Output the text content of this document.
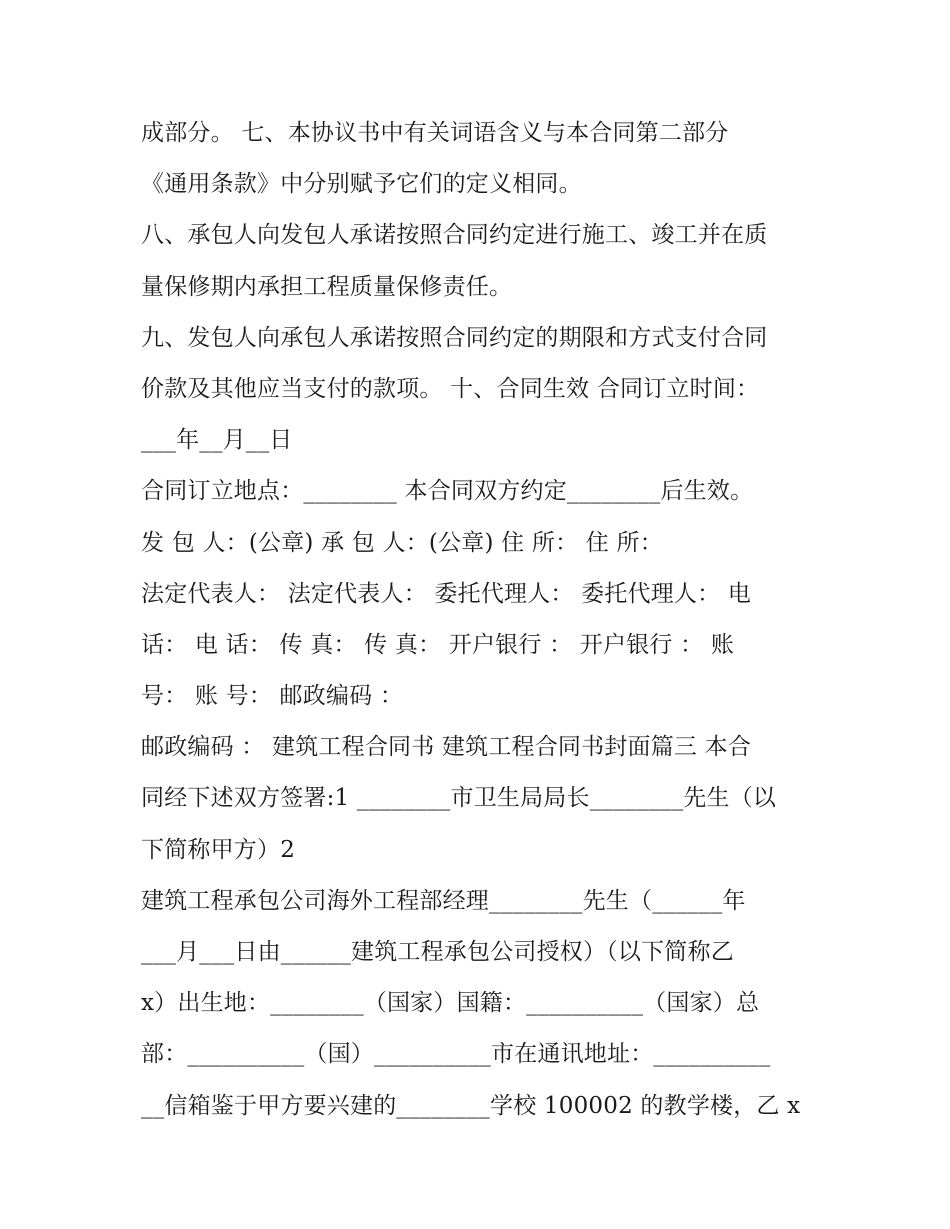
成部分。 七、本协议书中有关词语含义与本合同第二部分
《通用条款》中分别赋予它们的定义相同。
八、承包人向发包人承诺按照合同约定进行施工、竣工并在质
量保修期内承担工程质量保修责任。
九、发包人向承包人承诺按照合同约定的期限和方式支付合同
价款及其他应当支付的款项。 十、合同生效 合同订立时间：
___年__月__日
合同订立地点：________ 本合同双方约定________后生效。
发 包 人：(公章) 承 包 人：(公章) 住 所： 住 所：
法定代表人： 法定代表人： 委托代理人： 委托代理人： 电
话： 电 话： 传 真： 传 真： 开户银行 ： 开户银行 ： 账
号： 账 号： 邮政编码 ：
邮政编码 ： 建筑工程合同书 建筑工程合同书封面篇三 本合
同经下述双方签署:1 ________市卫生局局长________先生（以
下简称甲方）2
建筑工程承包公司海外工程部经理________先生（______年
___月___日由______建筑工程承包公司授权）（以下简称乙
x）出生地：________（国家）国籍：__________（国家）总
部：__________（国）__________市在通讯地址：__________
__信箱鉴于甲方要兴建的________学校 100002 的教学楼，乙 x
